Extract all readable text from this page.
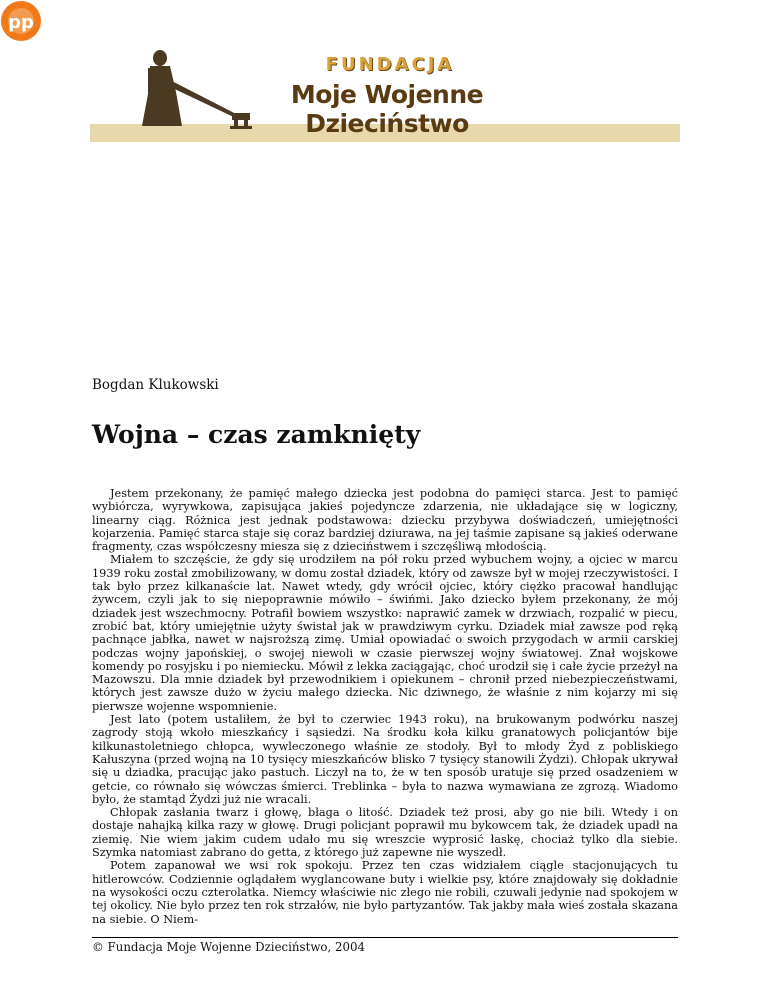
FUNDACJA
Moje Wojenne Dzieciństwo
pp
Bogdan Klukowski
Wojna – czas zamknięty

Jestem przekonany, że pamięć małego dziecka jest podobna do pamięci starca. Jest to pamięć wybiórcza, wyrywkowa, zapisująca jakieś pojedyncze zdarzenia, nie układające się w logiczny, linearny ciąg. Różnica jest jednak podstawowa: dziecku przybywa doświadczeń, umiejętności kojarzenia. Pamięć starca staje się coraz bardziej dziurawa, na jej taśmie zapisane są jakieś oderwane fragmenty, czas współczesny miesza się z dzieciństwem i szczęśliwą młodością.

Miałem to szczęście, że gdy się urodziłem na pół roku przed wybuchem wojny, a ojciec w marcu 1939 roku został zmobilizowany, w domu został dziadek, który od zawsze był w mojej rzeczywistości. I tak było przez kilkanaście lat. Nawet wtedy, gdy wrócił ojciec, który ciężko pracował handlując żywcem, czyli jak to się niepoprawnie mówiło – świńmi. Jako dziecko byłem przekonany, że mój dziadek jest wszechmocny. Potrafił bowiem wszystko: naprawić zamek w drzwiach, rozpalić w piecu, zrobić bat, który umiejętnie użyty świstał jak w prawdziwym cyrku. Dziadek miał zawsze pod ręką pachnące jabłka, nawet w najsroższą zimę. Umiał opowiadać o swoich przygodach w armii carskiej podczas wojny japońskiej, o swojej niewoli w czasie pierwszej wojny światowej. Znał wojskowe komendy po rosyjsku i po niemiecku. Mówił z lekka zaciągając, choć urodził się i całe życie przeżył na Mazowszu. Dla mnie dziadek był przewodnikiem i opiekunem – chronił przed niebezpieczeństwami, których jest zawsze dużo w życiu małego dziecka. Nic dziwnego, że właśnie z nim kojarzy mi się pierwsze wojenne wspomnienie.

Jest lato (potem ustaliłem, że był to czerwiec 1943 roku), na brukowanym podwórku naszej zagrody stoją wkoło mieszkańcy i sąsiedzi. Na środku koła kilku granatowych policjantów bije kilkunastoletniego chłopca, wywleczonego właśnie ze stodoły. Był to młody Żyd z pobliskiego Kałuszyna (przed wojną na 10 tysięcy mieszkańców blisko 7 tysięcy stanowili Żydzi). Chłopak ukrywał się u dziadka, pracując jako pastuch. Liczył na to, że w ten sposób uratuje się przed osadzeniem w getcie, co równało się wówczas śmierci. Treblinka – była to nazwa wymawiana ze zgrozą. Wiadomo było, że stamtąd Żydzi już nie wracali.

Chłopak zasłania twarz i głowę, błaga o litość. Dziadek też prosi, aby go nie bili. Wtedy i on dostaje nahajką kilka razy w głowę. Drugi policjant poprawił mu bykowcem tak, że dziadek upadł na ziemię. Nie wiem jakim cudem udało mu się wreszcie wyprosić łaskę, chociaż tylko dla siebie. Szymka natomiast zabrano do getta, z którego już zapewne nie wyszedł.

Potem zapanował we wsi rok spokoju. Przez ten czas widziałem ciągle stacjonujących tu hitlerowców. Codziennie oglądałem wyglancowane buty i wielkie psy, które znajdowały się dokładnie na wysokości oczu czterolatka. Niemcy właściwie nic złego nie robili, czuwali jedynie nad spokojem w tej okolicy. Nie było przez ten rok strzałów, nie było partyzantów. Tak jakby mała wieś została skazana na siebie. O Niem-

© Fundacja Moje Wojenne Dzieciństwo, 2004
